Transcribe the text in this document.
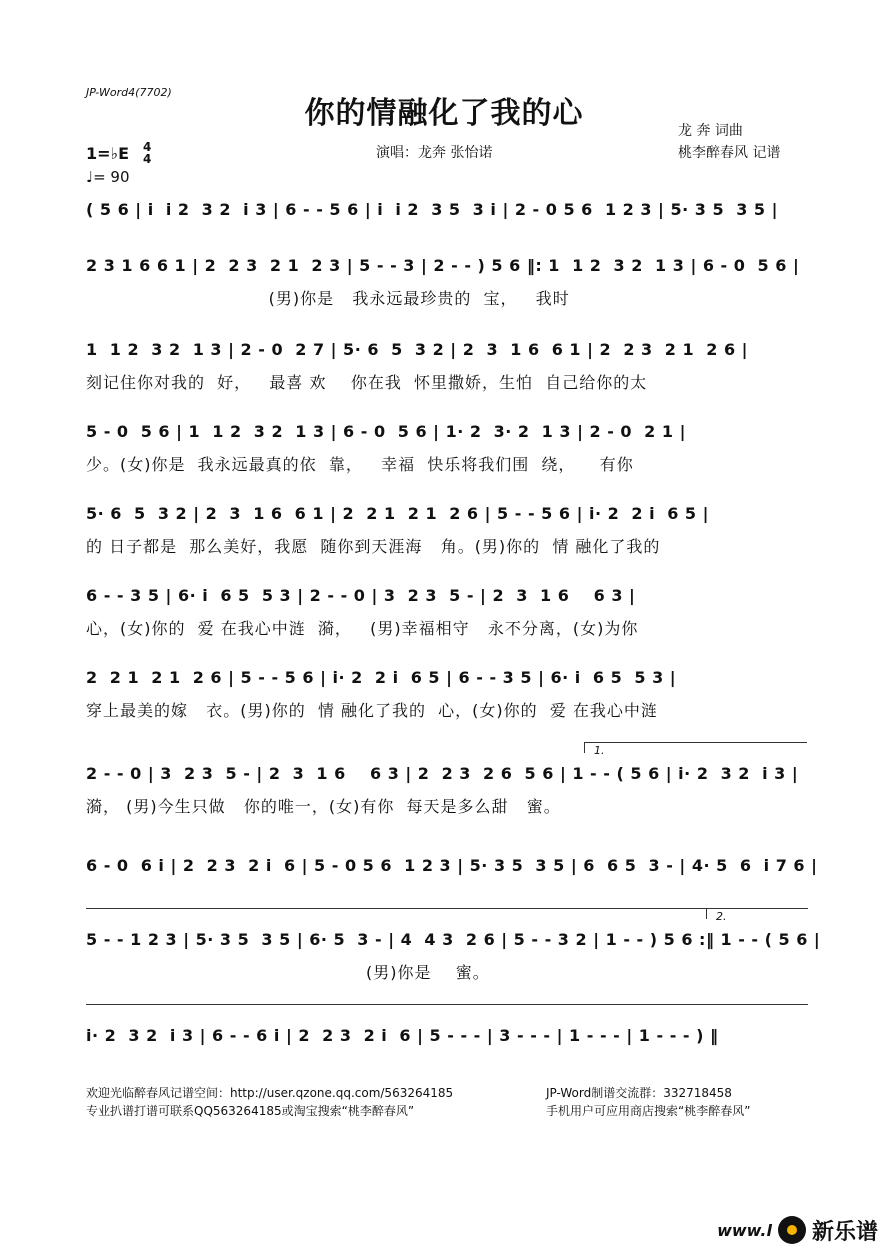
JP-Word4(7702)
你的情融化了我的心	龙 奔 词曲
桃李醉春风 记谱
演唱：龙奔 张怡诺
1=♭E 4
4
♩= 90
( 5 6 | i  i 2  3 2  i 3 | 6 - - 5 6 | i  i 2  3 5  3 i | 2 - 0 5 6  1 2 3 | 5· 3 5  3 5 |
2 3 1 6 6 1 | 2  2 3  2 1  2 3 | 5 - - 3 | 2 - - ) 5 6 ‖: 1  1 2  3 2  1 3 | 6 - 0  5 6 |
(男)你是   我永远最珍贵的  宝，   我时
1  1 2  3 2  1 3 | 2 - 0  2 7 | 5· 6  5  3 2 | 2  3  1 6  6 1 | 2  2 3  2 1  2 6 |
刻记住你对我的  好，   最喜 欢    你在我  怀里撒娇，生怕  自己给你的太
5 - 0  5 6 | 1  1 2  3 2  1 3 | 6 - 0  5 6 | 1· 2  3· 2  1 3 | 2 - 0  2 1 |
少。(女)你是  我永远最真的依  靠，   幸福  快乐将我们围  绕，    有你
5· 6  5  3 2 | 2  3  1 6  6 1 | 2  2 1  2 1  2 6 | 5 - - 5 6 | i· 2  2 i  6 5 |
的 日子都是  那么美好，我愿  随你到天涯海   角。(男)你的  情 融化了我的
6 - - 3 5 | 6· i  6 5  5 3 | 2 - - 0 | 3  2 3  5 - | 2  3  1 6    6 3 |
心，(女)你的  爱 在我心中涟  漪，   (男)幸福相守   永不分离，(女)为你
2  2 1  2 1  2 6 | 5 - - 5 6 | i· 2  2 i  6 5 | 6 - - 3 5 | 6· i  6 5  5 3 |
穿上最美的嫁   衣。(男)你的  情 融化了我的  心，(女)你的  爱 在我心中涟
1.
2 - - 0 | 3  2 3  5 - | 2  3  1 6    6 3 | 2  2 3  2 6  5 6 | 1 - - ( 5 6 | i· 2  3 2  i 3 |
漪， (男)今生只做   你的唯一，(女)有你  每天是多么甜   蜜。
6 - 0  6 i | 2  2 3  2 i  6 | 5 - 0 5 6  1 2 3 | 5· 3 5  3 5 | 6  6 5  3 - | 4· 5  6  i 7 6 |
2.
5 - - 1 2 3 | 5· 3 5  3 5 | 6· 5  3 - | 4  4 3  2 6 | 5 - - 3 2 | 1 - - ) 5 6 :‖ 1 - - ( 5 6 |
(男)你是    蜜。
i· 2  3 2  i 3 | 6 - - 6 i | 2  2 3  2 i  6 | 5 - - - | 3 - - - | 1 - - - | 1 - - - ) ‖
欢迎光临醉春风记谱空间：http://user.qzone.qq.com/563264185	JP-Word制谱交流群：332718458
专业扒谱打谱可联系QQ563264185或淘宝搜索“桃李醉春风”	手机用户可应用商店搜索“桃李醉春风”
www.l 新乐谱
